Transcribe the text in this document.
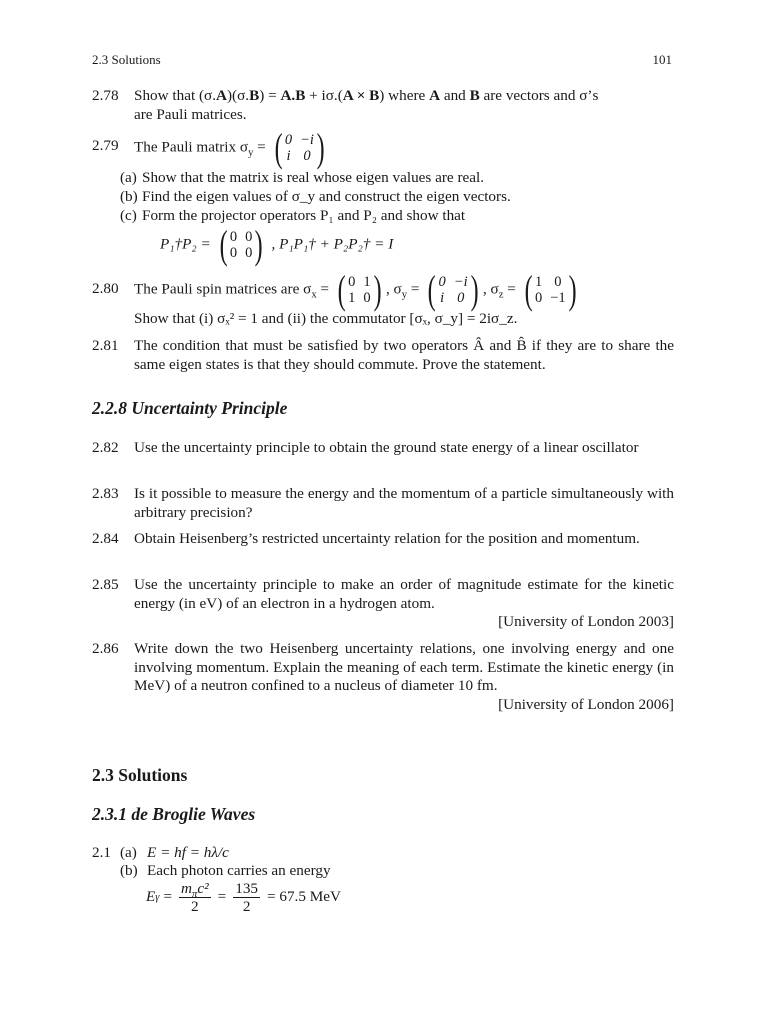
2.3 Solutions	101
2.78 Show that (σ.A)(σ.B) = A.B + iσ.(A × B) where A and B are vectors and σ’s
are Pauli matrices.
2.79 The Pauli matrix $\sigma_y$ = ( 0 −i
i 0 )
(a) Show that the matrix is real whose eigen values are real.
(b) Find the eigen values of σ_y and construct the eigen vectors.
(c) Form the projector operators P₁ and P₂ and show that
P₁†P₂ = ( 0 0
0 0 ) , P₁P₁† + P₂P₂† = I
2.80 The Pauli spin matrices are $\sigma_x$ = ( 0 1
1 0 ) , $\sigma_y$ = ( 0 −i
i 0 ) , $\sigma_z$ = ( 1 0
0 −1 )
Show that (i) σₓ² = 1 and (ii) the commutator [σₓ, σ_y] = 2iσ_z.
2.81 The condition that must be satisfied by two operators Â and B̂ if they are to share the same eigen states is that they should commute. Prove the statement.
2.2.8 Uncertainty Principle
2.82 Use the uncertainty principle to obtain the ground state energy of a linear oscillator
2.83 Is it possible to measure the energy and the momentum of a particle simultaneously with arbitrary precision?
2.84 Obtain Heisenberg’s restricted uncertainty relation for the position and momentum.
2.85 Use the uncertainty principle to make an order of magnitude estimate for the kinetic energy (in eV) of an electron in a hydrogen atom.
[University of London 2003]
2.86 Write down the two Heisenberg uncertainty relations, one involving energy and one involving momentum. Explain the meaning of each term. Estimate the kinetic energy (in MeV) of a neutron confined to a nucleus of diameter 10 fm.
[University of London 2006]
2.3 Solutions
2.3.1 de Broglie Waves
2.1 (a) E = hf = hλ/c
(b) Each photon carries an energy
E $\gamma = \frac{m_\pi c^2}{2} = \frac{135}{2} = 67.5$ MeV
